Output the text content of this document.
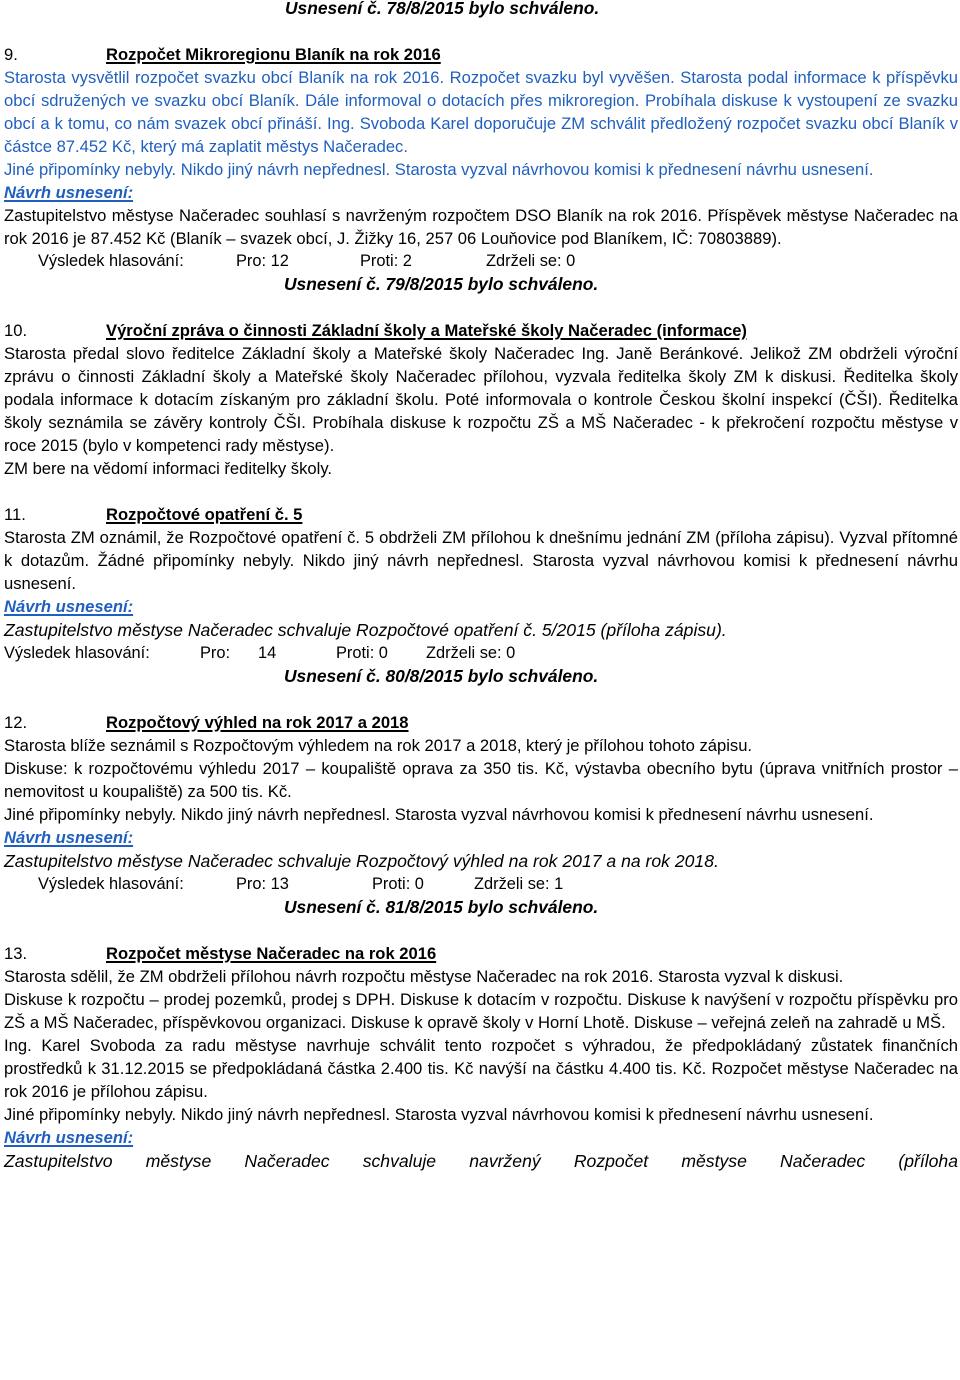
Usnesení č. 78/8/2015 bylo schváleno.

9.	Rozpočet Mikroregionu Blaník na rok 2016

Starosta vysvětlil rozpočet svazku obcí Blaník na rok 2016. Rozpočet svazku byl vyvěšen. Starosta podal informace k příspěvku obcí sdružených ve svazku obcí Blaník. Dále informoval o dotacích přes mikroregion. Probíhala diskuse k vystoupení ze svazku obcí a k tomu, co nám svazek obcí přináší. Ing. Svoboda Karel doporučuje ZM schválit předložený rozpočet svazku obcí Blaník v částce 87.452 Kč, který má zaplatit městys Načeradec.

Jiné připomínky nebyly. Nikdo jiný návrh nepřednesl. Starosta vyzval návrhovou komisi k přednesení návrhu usnesení.

Návrh usnesení:

Zastupitelstvo městyse Načeradec souhlasí s navrženým rozpočtem DSO Blaník na rok 2016. Příspěvek městyse Načeradec na rok 2016 je 87.452 Kč (Blaník – svazek obcí, J. Žižky 16, 257 06 Louňovice pod Blaníkem, IČ: 70803889).

Výsledek hlasování:	Pro: 12	Proti: 2	Zdrželi se: 0

Usnesení č. 79/8/2015 bylo schváleno.

10.	Výroční zpráva o činnosti Základní školy a Mateřské školy Načeradec (informace)

Starosta předal slovo ředitelce Základní školy a Mateřské školy Načeradec Ing. Janě Beránkové. Jelikož ZM obdrželi výroční zprávu o činnosti Základní školy a Mateřské školy Načeradec přílohou, vyzvala ředitelka školy ZM k diskusi. Ředitelka školy podala informace k dotacím získaným pro základní školu. Poté informovala o kontrole Českou školní inspekcí (ČŠI). Ředitelka školy seznámila se závěry kontroly ČŠI. Probíhala diskuse k rozpočtu ZŠ a MŠ Načeradec - k překročení rozpočtu městyse v roce 2015 (bylo v kompetenci rady městyse).

ZM bere na vědomí informaci ředitelky školy.

11.	Rozpočtové opatření č. 5

Starosta ZM oznámil, že Rozpočtové opatření č. 5 obdrželi ZM přílohou k dnešnímu jednání ZM (příloha zápisu). Vyzval přítomné k dotazům. Žádné připomínky nebyly. Nikdo jiný návrh nepřednesl. Starosta vyzval návrhovou komisi k přednesení návrhu usnesení.

Návrh usnesení:

Zastupitelstvo městyse Načeradec schvaluje Rozpočtové opatření č. 5/2015 (příloha zápisu).

Výsledek hlasování:	Pro: 14	Proti: 0 Zdrželi se: 0

Usnesení č. 80/8/2015 bylo schváleno.

12.	Rozpočtový výhled na rok 2017 a 2018

Starosta blíže seznámil s Rozpočtovým výhledem na rok 2017 a 2018, který je přílohou tohoto zápisu.

Diskuse: k rozpočtovému výhledu 2017 – koupaliště oprava za 350 tis. Kč, výstavba obecního bytu (úprava vnitřních prostor – nemovitost u koupaliště) za 500 tis. Kč.

Jiné připomínky nebyly. Nikdo jiný návrh nepřednesl. Starosta vyzval návrhovou komisi k přednesení návrhu usnesení.

Návrh usnesení:

Zastupitelstvo městyse Načeradec schvaluje Rozpočtový výhled na rok 2017 a na rok 2018.

Výsledek hlasování:	Pro: 13	Proti: 0	Zdrželi se: 1

Usnesení č. 81/8/2015 bylo schváleno.

13.	Rozpočet městyse Načeradec na rok 2016

Starosta sdělil, že ZM obdrželi přílohou návrh rozpočtu městyse Načeradec na rok 2016. Starosta vyzval k diskusi.

Diskuse k rozpočtu – prodej pozemků, prodej s DPH. Diskuse k dotacím v rozpočtu. Diskuse k navýšení v rozpočtu příspěvku pro ZŠ a MŠ Načeradec, příspěvkovou organizaci. Diskuse k opravě školy v Horní Lhotě. Diskuse – veřejná zeleň na zahradě u MŠ.

Ing. Karel Svoboda za radu městyse navrhuje schválit tento rozpočet s výhradou, že předpokládaný zůstatek finančních prostředků k 31.12.2015 se předpokládaná částka 2.400 tis. Kč navýší na částku 4.400 tis. Kč. Rozpočet městyse Načeradec na rok 2016 je přílohou zápisu.

Jiné připomínky nebyly. Nikdo jiný návrh nepřednesl. Starosta vyzval návrhovou komisi k přednesení návrhu usnesení.

Návrh usnesení:

Zastupitelstvo městyse Načeradec schvaluje navržený Rozpočet městyse Načeradec (příloha
